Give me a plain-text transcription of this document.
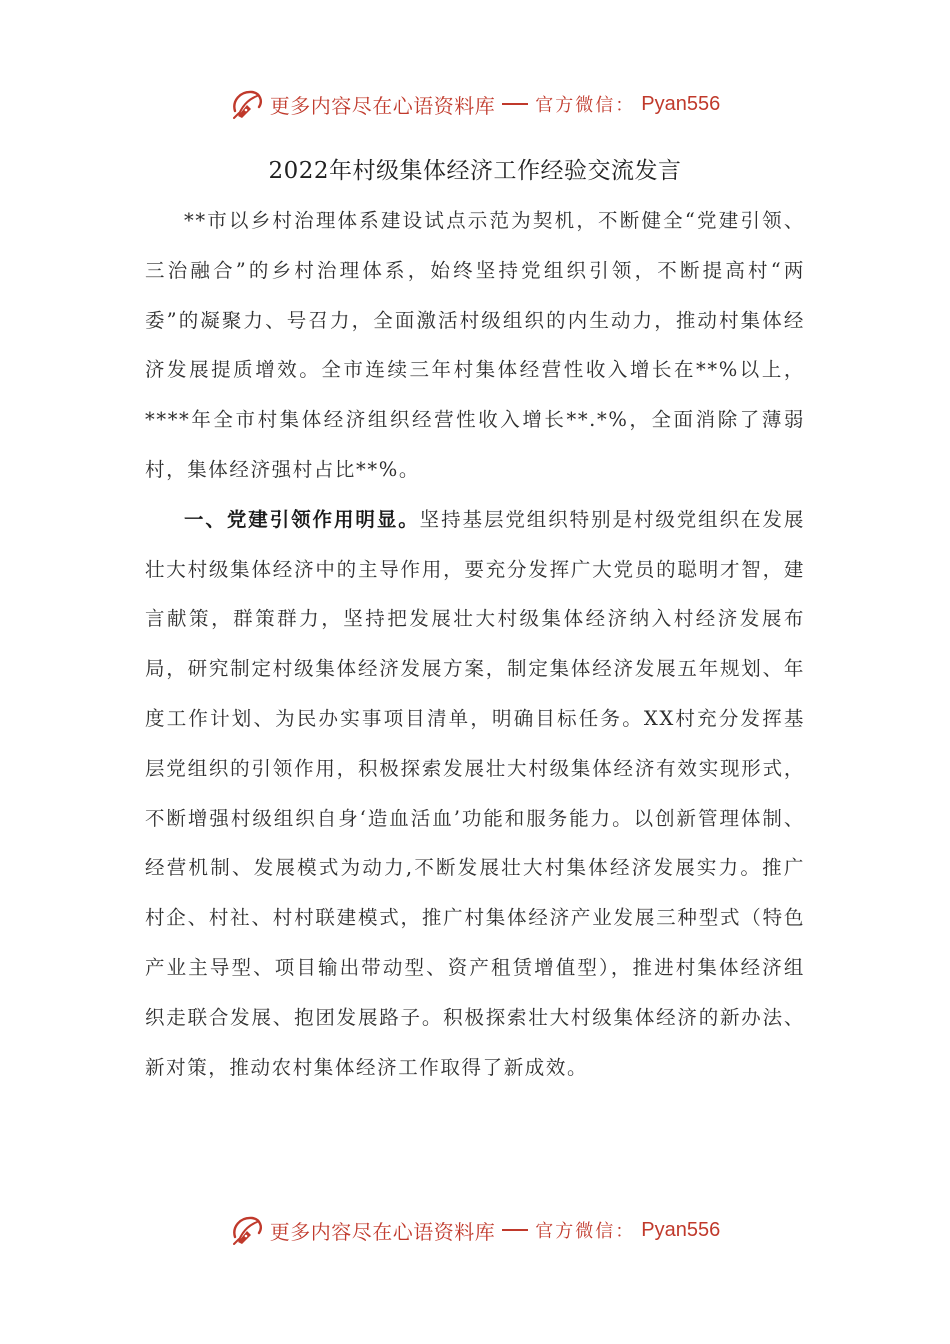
更多内容尽在心语资料库 官方微信： Pyan556
2022年村级集体经济工作经验交流发言

**市以乡村治理体系建设试点示范为契机，不断健全“党建引领、三治融合”的乡村治理体系，始终坚持党组织引领，不断提高村“两委”的凝聚力、号召力，全面激活村级组织的内生动力，推动村集体经济发展提质增效。全市连续三年村集体经营性收入增长在**%以上，****年全市村集体经济组织经营性收入增长**.*%，全面消除了薄弱村，集体经济强村占比**%。

一、党建引领作用明显。坚持基层党组织特别是村级党组织在发展壮大村级集体经济中的主导作用，要充分发挥广大党员的聪明才智，建言献策，群策群力，坚持把发展壮大村级集体经济纳入村经济发展布局，研究制定村级集体经济发展方案，制定集体经济发展五年规划、年度工作计划、为民办实事项目清单，明确目标任务。XX村充分发挥基层党组织的引领作用，积极探索发展壮大村级集体经济有效实现形式，不断增强村级组织自身‘造血活血’功能和服务能力。以创新管理体制、经营机制、发展模式为动力,不断发展壮大村集体经济发展实力。推广村企、村社、村村联建模式，推广村集体经济产业发展三种型式（特色产业主导型、项目输出带动型、资产租赁增值型），推进村集体经济组织走联合发展、抱团发展路子。积极探索壮大村级集体经济的新办法、新对策，推动农村集体经济工作取得了新成效。

更多内容尽在心语资料库 官方微信： Pyan556
